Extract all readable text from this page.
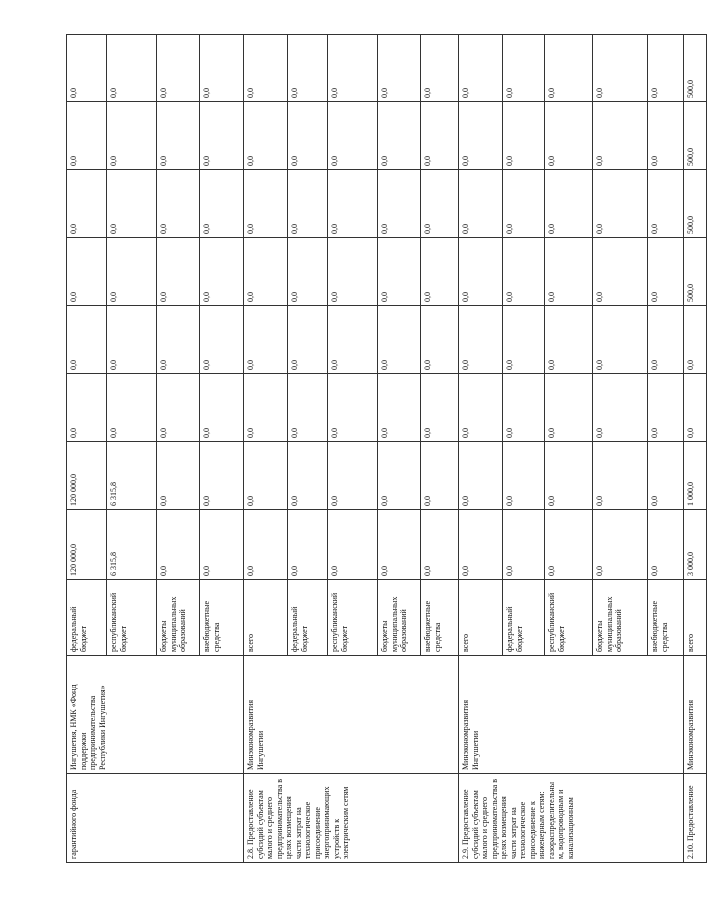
гарантийного фонда	Ингушетия, НМК «Фонд поддержки предпринимательства Республики Ингушетия»	федеральный бюджет	120 000,0	120 000,0	0,0	0,0	0,0	0,0	0,0	0,0
		республиканский бюджет	6 315,8	6 315,8	0,0	0,0	0,0	0,0	0,0	0,0
		бюджеты муниципальных образований	0,0	0,0	0,0	0,0	0,0	0,0	0,0	0,0
		внебюджетные средства	0,0	0,0	0,0	0,0	0,0	0,0	0,0	0,0
2.8. Предоставление субсидий субъектам малого и среднего предпринимательства в целях возмещения части затрат на технологическое присоединение энергопринимающих устройств к электрическим сетям	Минэкономразвития Ингушетии	всего	0,0	0,0	0,0	0,0	0,0	0,0	0,0	0,0
		федеральный бюджет	0,0	0,0	0,0	0,0	0,0	0,0	0,0	0,0
		республиканский бюджет	0,0	0,0	0,0	0,0	0,0	0,0	0,0	0,0
		бюджеты муниципальных образований	0,0	0,0	0,0	0,0	0,0	0,0	0,0	0,0
		внебюджетные средства	0,0	0,0	0,0	0,0	0,0	0,0	0,0	0,0
2.9. Предоставление субсидий субъектам малого и среднего предпринимательства в целях возмещения части затрат на технологическое присоединение к инженерным сетям: газораспределительным, водопроводным и канализационным	Минэкономразвития Ингушетии	всего	0,0	0,0	0,0	0,0	0,0	0,0	0,0	0,0
		федеральный бюджет	0,0	0,0	0,0	0,0	0,0	0,0	0,0	0,0
		республиканский бюджет	0,0	0,0	0,0	0,0	0,0	0,0	0,0	0,0
		бюджеты муниципальных образований	0,0	0,0	0,0	0,0	0,0	0,0	0,0	0,0
		внебюджетные средства	0,0	0,0	0,0	0,0	0,0	0,0	0,0	0,0
2.10. Предоставление	Минэкономразвития	всего	3 000,0	1 000,0	0,0	0,0	500,0	500,0	500,0	500,0
